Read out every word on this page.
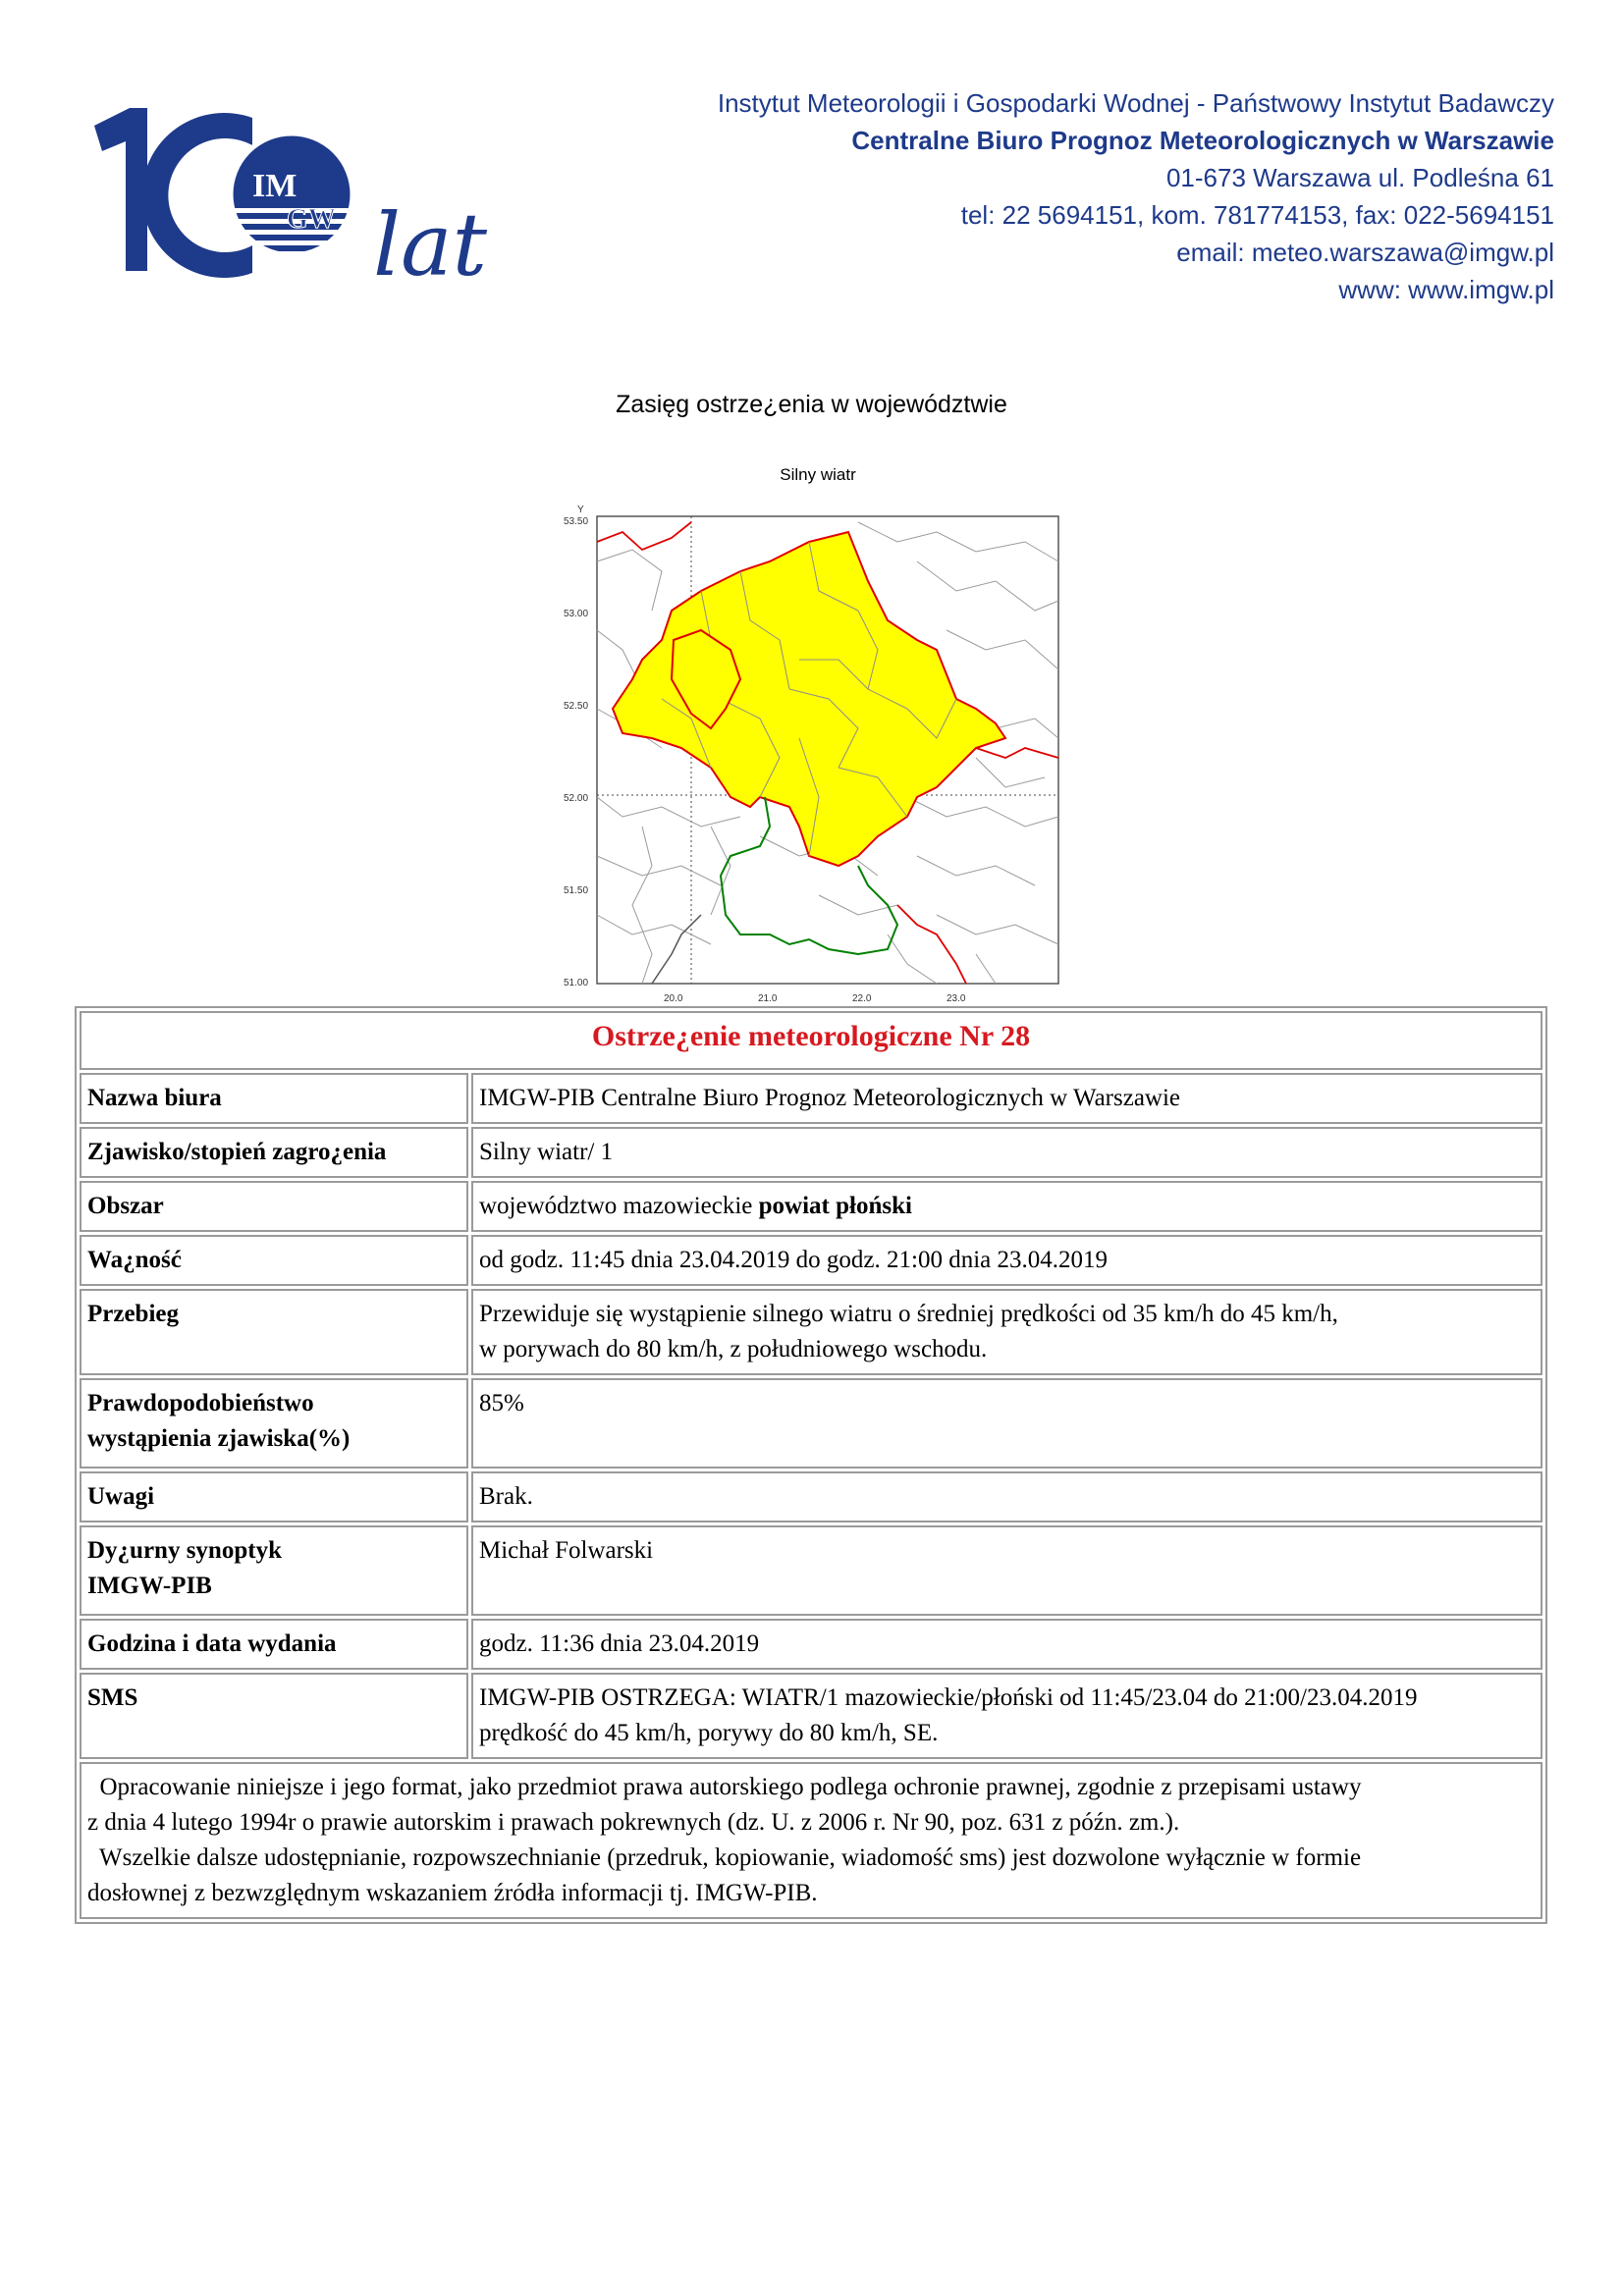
IM
GW lat
Instytut Meteorologii i Gospodarki Wodnej - Państwowy Instytut Badawczy
Centralne Biuro Prognoz Meteorologicznych w Warszawie
01-673 Warszawa ul. Podleśna 61
tel: 22 5694151, kom. 781774153, fax: 022-5694151
email: meteo.warszawa@imgw.pl
www: www.imgw.pl
Zasięg ostrze¿enia w województwie
Silny wiatr
Y
53.50
53.00
52.50
52.00
51.50
51.00
20.0	21.0	22.0	23.0
Ostrze¿enie meteorologiczne Nr 28	
Nazwa biura	IMGW-PIB Centralne Biuro Prognoz Meteorologicznych w Warszawie
Zjawisko/stopień zagro¿enia	Silny wiatr/ 1
Obszar	województwo mazowieckie powiat płoński
Wa¿ność	od godz. 11:45 dnia 23.04.2019 do godz. 21:00 dnia 23.04.2019
Przebieg	Przewiduje się wystąpienie silnego wiatru o średniej prędkości od 35 km/h do 45 km/h,
w porywach do 80 km/h, z południowego wschodu.

Prawdopodobieństwo
wystąpienia zjawiska(%)	85%
Uwagi	Brak.

Dy¿urny synoptyk
IMGW-PIB	Michał Folwarski
Godzina i data wydania	godz. 11:36 dnia 23.04.2019
SMS	IMGW-PIB OSTRZEGA: WIATR/1 mazowieckie/płoński od 11:45/23.04 do 21:00/23.04.2019
prędkość do 45 km/h, porywy do 80 km/h, SE.

Opracowanie niniejsze i jego format, jako przedmiot prawa autorskiego podlega ochronie prawnej, zgodnie z przepisami ustawy
z dnia 4 lutego 1994r o prawie autorskim i prawach pokrewnych (dz. U. z 2006 r. Nr 90, poz. 631 z późn. zm.).
Wszelkie dalsze udostępnianie, rozpowszechnianie (przedruk, kopiowanie, wiadomość sms) jest dozwolone wyłącznie w formie
dosłownej z bezwzględnym wskazaniem źródła informacji tj. IMGW-PIB.	
